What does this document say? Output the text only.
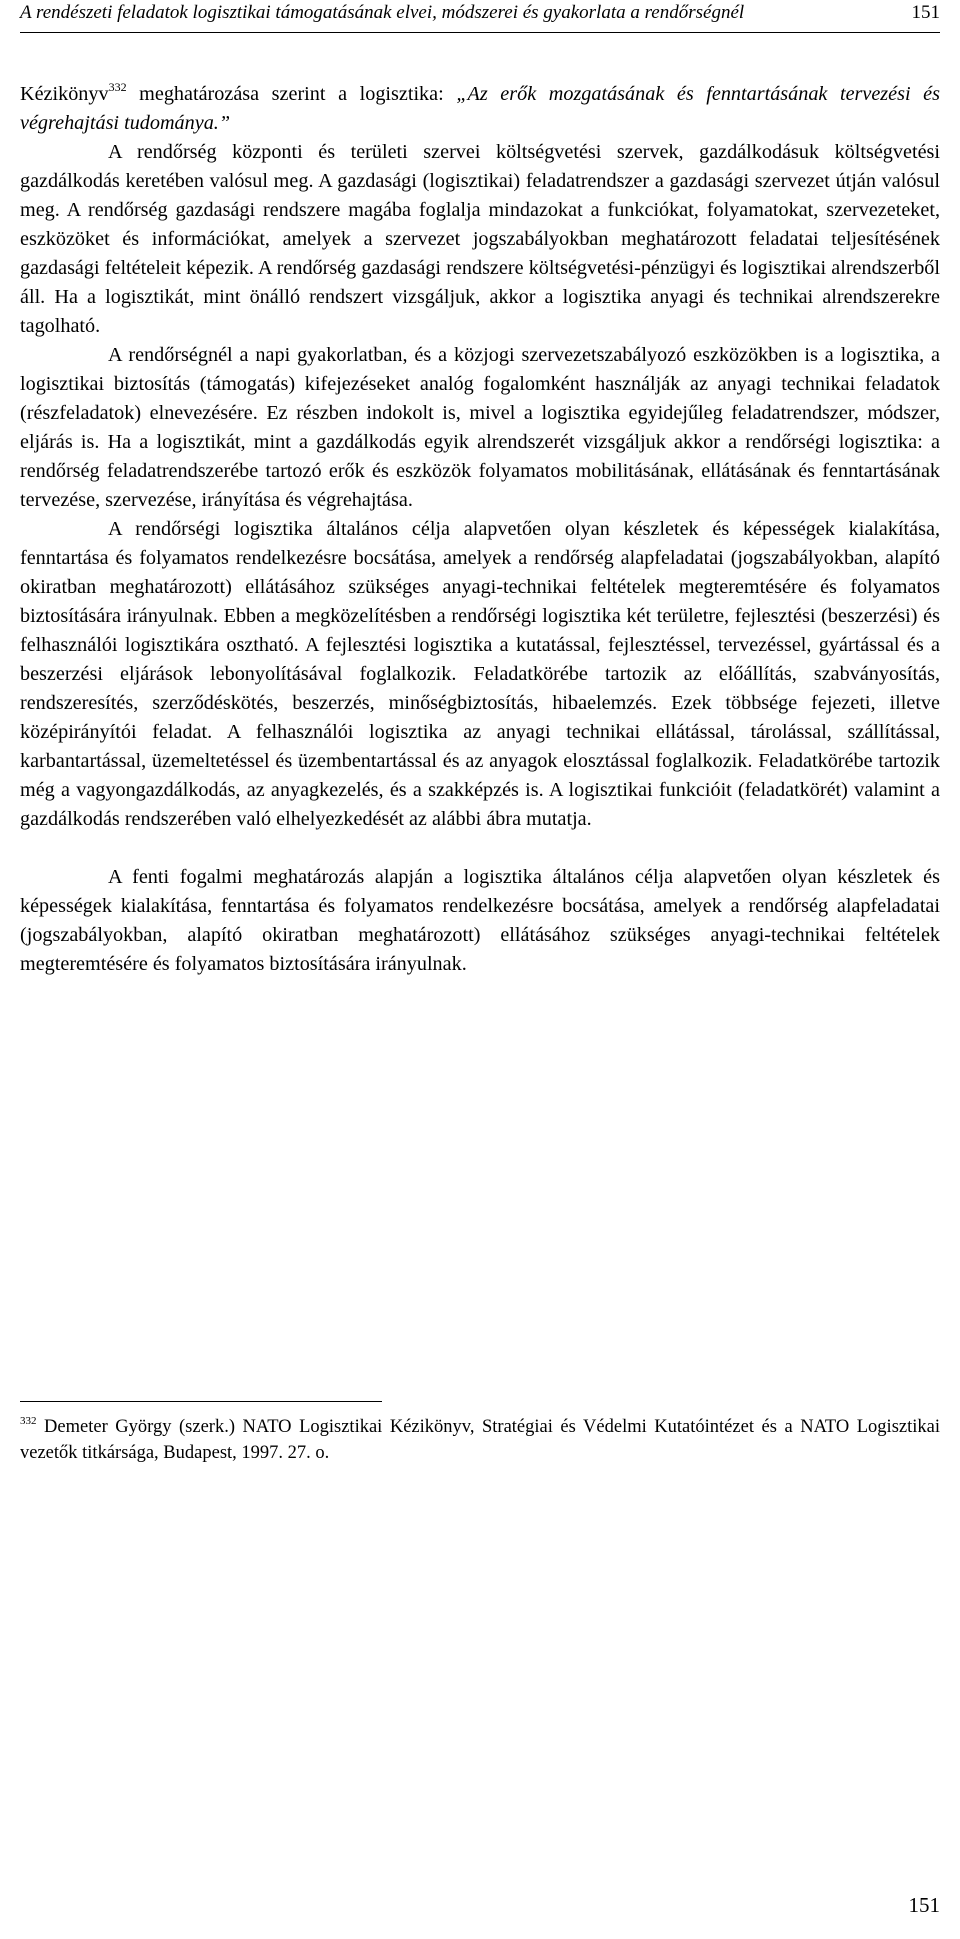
A rendészeti feladatok logisztikai támogatásának elvei, módszerei és gyakorlata a rendőrségnél	151

Kézikönyv$^{332}$ meghatározása szerint a logisztika: „Az erők mozgatásának és fenntartásának tervezési és végrehajtási tudománya.”

A rendőrség központi és területi szervei költségvetési szervek, gazdálkodásuk költségvetési gazdálkodás keretében valósul meg. A gazdasági (logisztikai) feladatrendszer a gazdasági szervezet útján valósul meg. A rendőrség gazdasági rendszere magába foglalja mindazokat a funkciókat, folyamatokat, szervezeteket, eszközöket és információkat, amelyek a szervezet jogszabályokban meghatározott feladatai teljesítésének gazdasági feltételeit képezik. A rendőrség gazdasági rendszere költségvetési-pénzügyi és logisztikai alrendszerből áll. Ha a logisztikát, mint önálló rendszert vizsgáljuk, akkor a logisztika anyagi és technikai alrendszerekre tagolható.

A rendőrségnél a napi gyakorlatban, és a közjogi szervezetszabályozó eszközökben is a logisztika, a logisztikai biztosítás (támogatás) kifejezéseket analóg fogalomként használják az anyagi technikai feladatok (részfeladatok) elnevezésére. Ez részben indokolt is, mivel a logisztika egyidejűleg feladatrendszer, módszer, eljárás is. Ha a logisztikát, mint a gazdálkodás egyik alrendszerét vizsgáljuk akkor a rendőrségi logisztika: a rendőrség feladatrendszerébe tartozó erők és eszközök folyamatos mobilitásának, ellátásának és fenntartásának tervezése, szervezése, irányítása és végrehajtása.

A rendőrségi logisztika általános célja alapvetően olyan készletek és képességek kialakítása, fenntartása és folyamatos rendelkezésre bocsátása, amelyek a rendőrség alapfeladatai (jogszabályokban, alapító okiratban meghatározott) ellátásához szükséges anyagi-technikai feltételek megteremtésére és folyamatos biztosítására irányulnak. Ebben a megközelítésben a rendőrségi logisztika két területre, fejlesztési (beszerzési) és felhasználói logisztikára osztható. A fejlesztési logisztika a kutatással, fejlesztéssel, tervezéssel, gyártással és a beszerzési eljárások lebonyolításával foglalkozik. Feladatkörébe tartozik az előállítás, szabványosítás, rendszeresítés, szerződéskötés, beszerzés, minőségbiztosítás, hibaelemzés. Ezek többsége fejezeti, illetve középirányítói feladat. A felhasználói logisztika az anyagi technikai ellátással, tárolással, szállítással, karbantartással, üzemeltetéssel és üzembentartással és az anyagok elosztással foglalkozik. Feladatkörébe tartozik még a vagyongazdálkodás, az anyagkezelés, és a szakképzés is. A logisztikai funkcióit (feladatkörét) valamint a gazdálkodás rendszerében való elhelyezkedését az alábbi ábra mutatja.

A fenti fogalmi meghatározás alapján a logisztika általános célja alapvetően olyan készletek és képességek kialakítása, fenntartása és folyamatos rendelkezésre bocsátása, amelyek a rendőrség alapfeladatai (jogszabályokban, alapító okiratban meghatározott) ellátásához szükséges anyagi-technikai feltételek megteremtésére és folyamatos biztosítására irányulnak.

$^{332}$ Demeter György (szerk.) NATO Logisztikai Kézikönyv, Stratégiai és Védelmi Kutatóintézet és a NATO Logisztikai vezetők titkársága, Budapest, 1997. 27. o.
151
